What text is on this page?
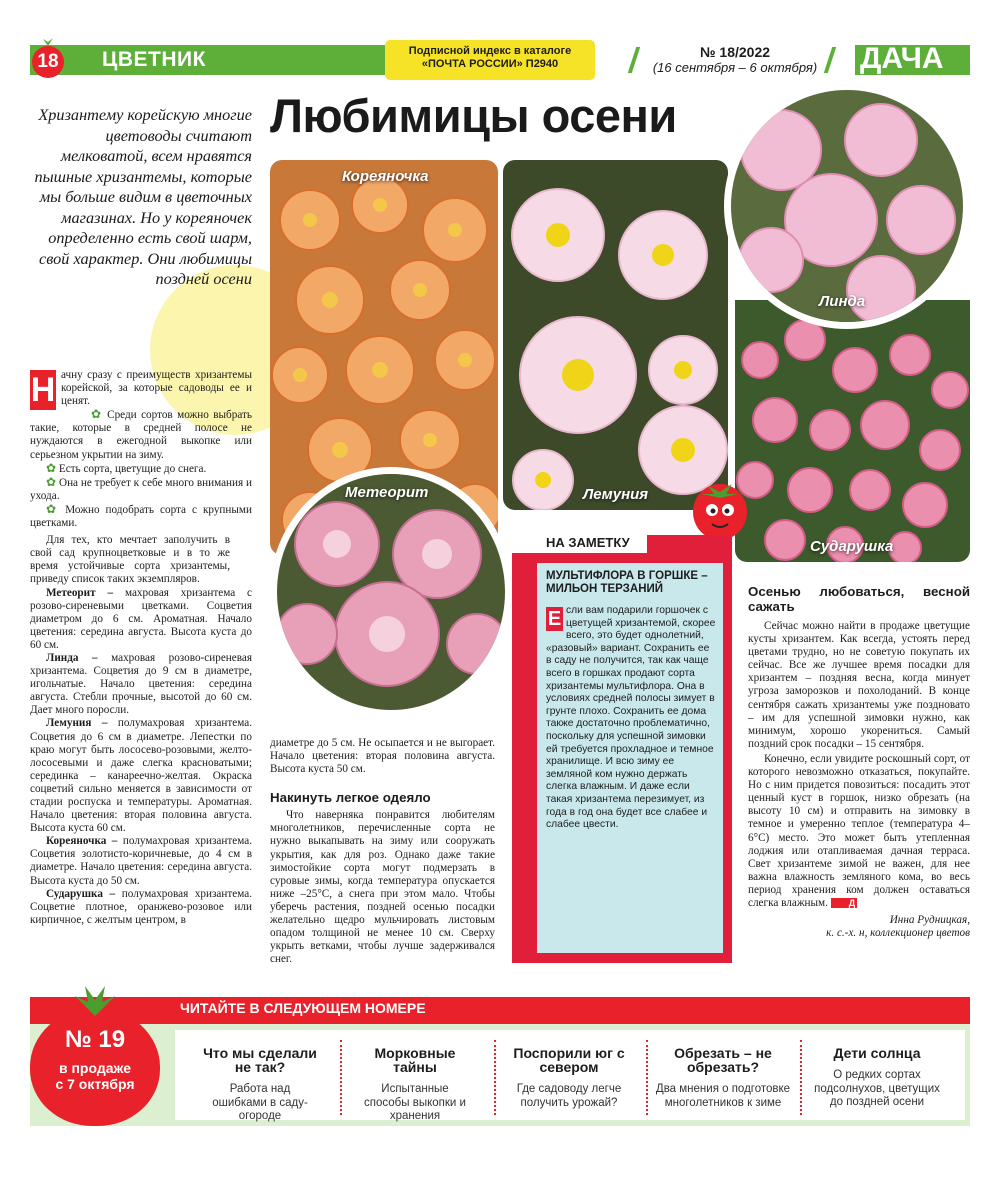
18 ЦВЕТНИК	Подписной индекс в каталоге
«ПОЧТА РОССИИ» П2940
№ 18/2022
(16 сентября – 6 октября) ДАЧА
Любимицы осени
Хризантему корейскую многие цветоводы считают мелковатой, всем нравятся пышные хризантемы, которые мы больше видим в цветочных магазинах. Но у кореяночек определенно есть свой шарм, свой характер. Они любимицы поздней осени
Кореяночка
Лемуния
Сударушка
Линда
Метеорит
Н ачну сразу с преимуществ хризантемы корейской, за которые садоводы ее и ценят.

✿ Среди сортов можно выбрать такие, которые в средней полосе не нуждаются в ежегодной выкопке или серьезном укрытии на зиму.

✿ Есть сорта, цветущие до снега.

✿ Она не требует к себе много внимания и ухода.

✿ Можно подобрать сорта с крупными цветками.

Для тех, кто мечтает заполучить в свой сад крупноцветковые и в то же время устойчивые сорта хризантемы, приведу список таких экземпляров.

Метеорит – махровая хризантема с розово-сиреневыми цветками. Соцветия диаметром до 6 см. Ароматная. Начало цветения: середина августа. Высота куста до 60 см.

Линда – махровая розово-сиреневая хризантема. Соцветия до 9 см в диаметре, игольчатые. Начало цветения: середина августа. Стебли прочные, высотой до 60 см. Дает много поросли.

Лемуния – полумахровая хризантема. Соцветия до 6 см в диаметре. Лепестки по краю могут быть лососево-розовыми, желто-лососевыми и даже слегка красноватыми; серединка – канареечно-желтая. Окраска соцветий сильно меняется в зависимости от стадии роспуска и температуры. Ароматная. Начало цветения: вторая половина августа. Высота куста 60 см.

Кореяночка – полумахровая хризантема. Соцветия золотисто-коричневые, до 4 см в диаметре. Начало цветения: середина августа. Высота куста до 50 см.

Сударушка – полумахровая хризантема. Соцветие плотное, оранжево-розовое или кирпичное, с желтым центром, в

диаметре до 5 см. Не осыпается и не выгорает. Начало цветения: вторая половина августа. Высота куста 50 см.

Накинуть легкое одеяло

Что наверняка понравится любителям многолетников, перечисленные сорта не нужно выкапывать на зиму или сооружать укрытия, как для роз. Однако даже такие зимостойкие сорта могут подмерзать в суровые зимы, когда температура опускается ниже –25°С, а снега при этом мало. Чтобы уберечь растения, поздней осенью посадки желательно щедро мульчировать листовым опадом толщиной не менее 10 см. Сверху укрыть ветками, чтобы лучше задерживался снег.

НА ЗАМЕТКУ
МУЛЬТИФЛОРА В ГОРШКЕ – МИЛЬОН ТЕРЗАНИЙ
Е сли вам подарили горшочек с цветущей хризантемой, скорее всего, это будет однолетний, «разовый» вариант. Сохранить ее в саду не получится, так как чаще всего в горшках продают сорта хризантемы мультифлора. Она в условиях средней полосы зимует в грунте плохо. Сохранить ее дома также достаточно проблематично, поскольку для успешной зимовки ей требуется прохладное и темное хранилище. И всю зиму ее земляной ком нужно держать слегка влажным. И даже если такая хризантема перезимует, из года в год она будет все слабее и слабее цвести.
Осенью любоваться, весной сажать

Сейчас можно найти в продаже цветущие кусты хризантем. Как всегда, устоять перед цветами трудно, но не советую покупать их сейчас. Все же лучшее время посадки для хризантем – поздняя весна, когда минует угроза заморозков и похолоданий. В конце сентября сажать хризантемы уже поздновато – им для успешной зимовки нужно, как минимум, хорошо укорениться. Самый поздний срок посадки – 15 сентября.

Конечно, если увидите роскошный сорт, от которого невозможно отказаться, покупайте. Но с ним придется повозиться: посадить этот ценный куст в горшок, низко обрезать (на высоту 10 см) и отправить на зимовку в темное и умеренно теплое (температура 4–6°С) место. Это может быть утепленная лоджия или отапливаемая дачная терраса. Свет хризантеме зимой не важен, для нее важна влажность земляного кома, во весь период хранения ком должен оставаться слегка влажным. Д

Инна Рудницкая,
к. с.-х. н, коллекционер цветов
ЧИТАЙТЕ В СЛЕДУЮЩЕМ НОМЕРЕ
№ 19
в продаже
с 7 октября
Что мы сделали не так?
Работа над ошибками в саду-огороде
Морковные тайны
Испытанные способы выкопки и хранения
Поспорили юг с севером
Где садоводу легче получить урожай?
Обрезать – не обрезать?
Два мнения о подготовке многолетников к зиме
Дети солнца
О редких сортах подсолнухов, цветущих до поздней осени
